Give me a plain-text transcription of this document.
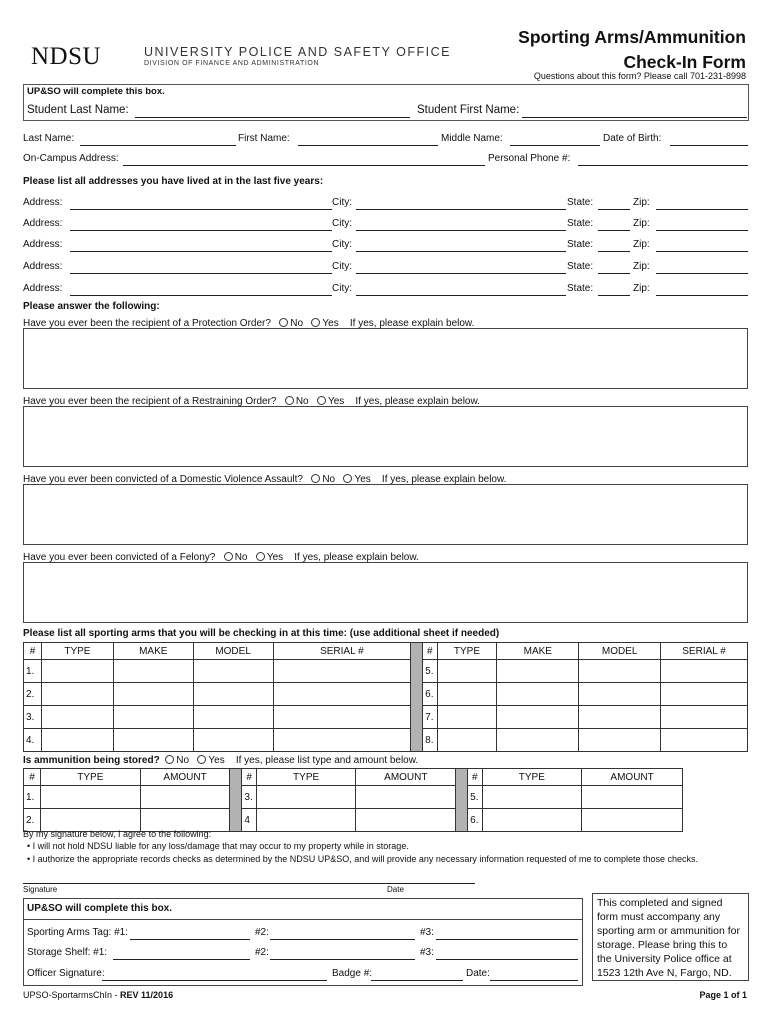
NDSU	UNIVERSITY POLICE AND SAFETY OFFICE
DIVISION OF FINANCE AND ADMINISTRATION
Sporting Arms/Ammunition
Check-In Form
Questions about this form? Please call 701-231-8998
UP&SO will complete this box.
Student Last Name:	Student First Name:
Last Name:	First Name:	Middle Name:	Date of Birth:
On-Campus Address:	Personal Phone #:
Please list all addresses you have lived at in the last five years:
Address:	City:	State:	Zip:
Address:	City:	State:	Zip:
Address:	City:	State:	Zip:
Address:	City:	State:	Zip:
Address:	City:	State:	Zip:
Please answer the following:
Have you ever been the recipient of a Protection Order? No Yes If yes, please explain below.
Have you ever been the recipient of a Restraining Order? No Yes If yes, please explain below.
Have you ever been convicted of a Domestic Violence Assault? No Yes If yes, please explain below.
Have you ever been convicted of a Felony? No Yes If yes, please explain below.
Please list all sporting arms that you will be checking in at this time: (use additional sheet if needed)
#	TYPE	MAKE	MODEL	SERIAL #		#	TYPE	MAKE	MODEL	SERIAL #
1.						5.				
2.						6.				
3.						7.				
4.						8.				
Is ammunition being stored? No Yes If yes, please list type and amount below.
#	TYPE	AMOUNT		#	TYPE	AMOUNT		#	TYPE	AMOUNT
1.				3.				5.		
2.				4				6.		
By my signature below, I agree to the following:
• I will not hold NDSU liable for any loss/damage that may occur to my property while in storage.
• I authorize the appropriate records checks as determined by the NDSU UP&SO, and will provide any necessary information requested of me to complete those checks.
Signature	Date
UP&SO will complete this box.
Sporting Arms Tag: #1:	#2:	#3:
Storage Shelf: #1:	#2:	#3:
Officer Signature:	Badge #:	Date:
This completed and signed form must accompany any sporting arm or ammunition for storage. Please bring this to the University Police office at 1523 12th Ave N, Fargo, ND.
UPSO-SportarmsChIn - REV 11/2016	Page 1 of 1
